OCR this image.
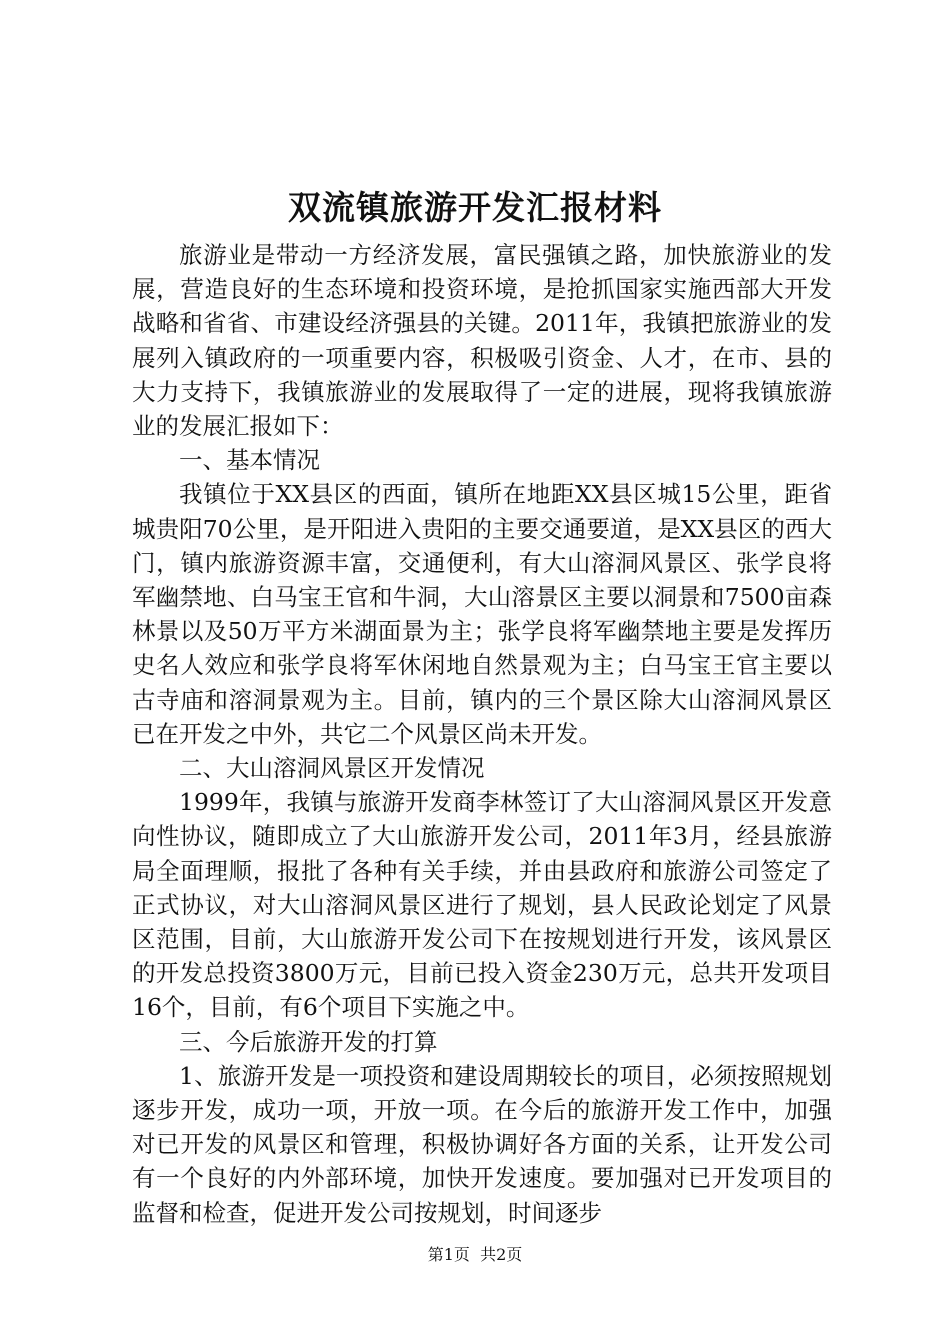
双流镇旅游开发汇报材料

旅游业是带动一方经济发展，富民强镇之路，加快旅游业的发展，营造良好的生态环境和投资环境，是抢抓国家实施西部大开发战略和省省、市建设经济强县的关键。2011年，我镇把旅游业的发展列入镇政府的一项重要内容，积极吸引资金、人才，在市、县的大力支持下，我镇旅游业的发展取得了一定的进展，现将我镇旅游业的发展汇报如下：

一、基本情况

我镇位于XX县区的西面，镇所在地距XX县区城15公里，距省城贵阳70公里，是开阳进入贵阳的主要交通要道，是XX县区的西大门，镇内旅游资源丰富，交通便利，有大山溶洞风景区、张学良将军幽禁地、白马宝王官和牛洞，大山溶景区主要以洞景和7500亩森林景以及50万平方米湖面景为主；张学良将军幽禁地主要是发挥历史名人效应和张学良将军休闲地自然景观为主；白马宝王官主要以古寺庙和溶洞景观为主。目前，镇内的三个景区除大山溶洞风景区已在开发之中外，共它二个风景区尚未开发。

二、大山溶洞风景区开发情况

1999年，我镇与旅游开发商李林签订了大山溶洞风景区开发意向性协议，随即成立了大山旅游开发公司，2011年3月，经县旅游局全面理顺，报批了各种有关手续，并由县政府和旅游公司签定了正式协议，对大山溶洞风景区进行了规划，县人民政论划定了风景区范围，目前，大山旅游开发公司下在按规划进行开发，该风景区的开发总投资3800万元，目前已投入资金230万元，总共开发项目16个，目前，有6个项目下实施之中。

三、今后旅游开发的打算

1、旅游开发是一项投资和建设周期较长的项目，必须按照规划逐步开发，成功一项，开放一项。在今后的旅游开发工作中，加强对已开发的风景区和管理，积极协调好各方面的关系，让开发公司有一个良好的内外部环境，加快开发速度。要加强对已开发项目的监督和检查，促进开发公司按规划，时间逐步

第1页 共2页
